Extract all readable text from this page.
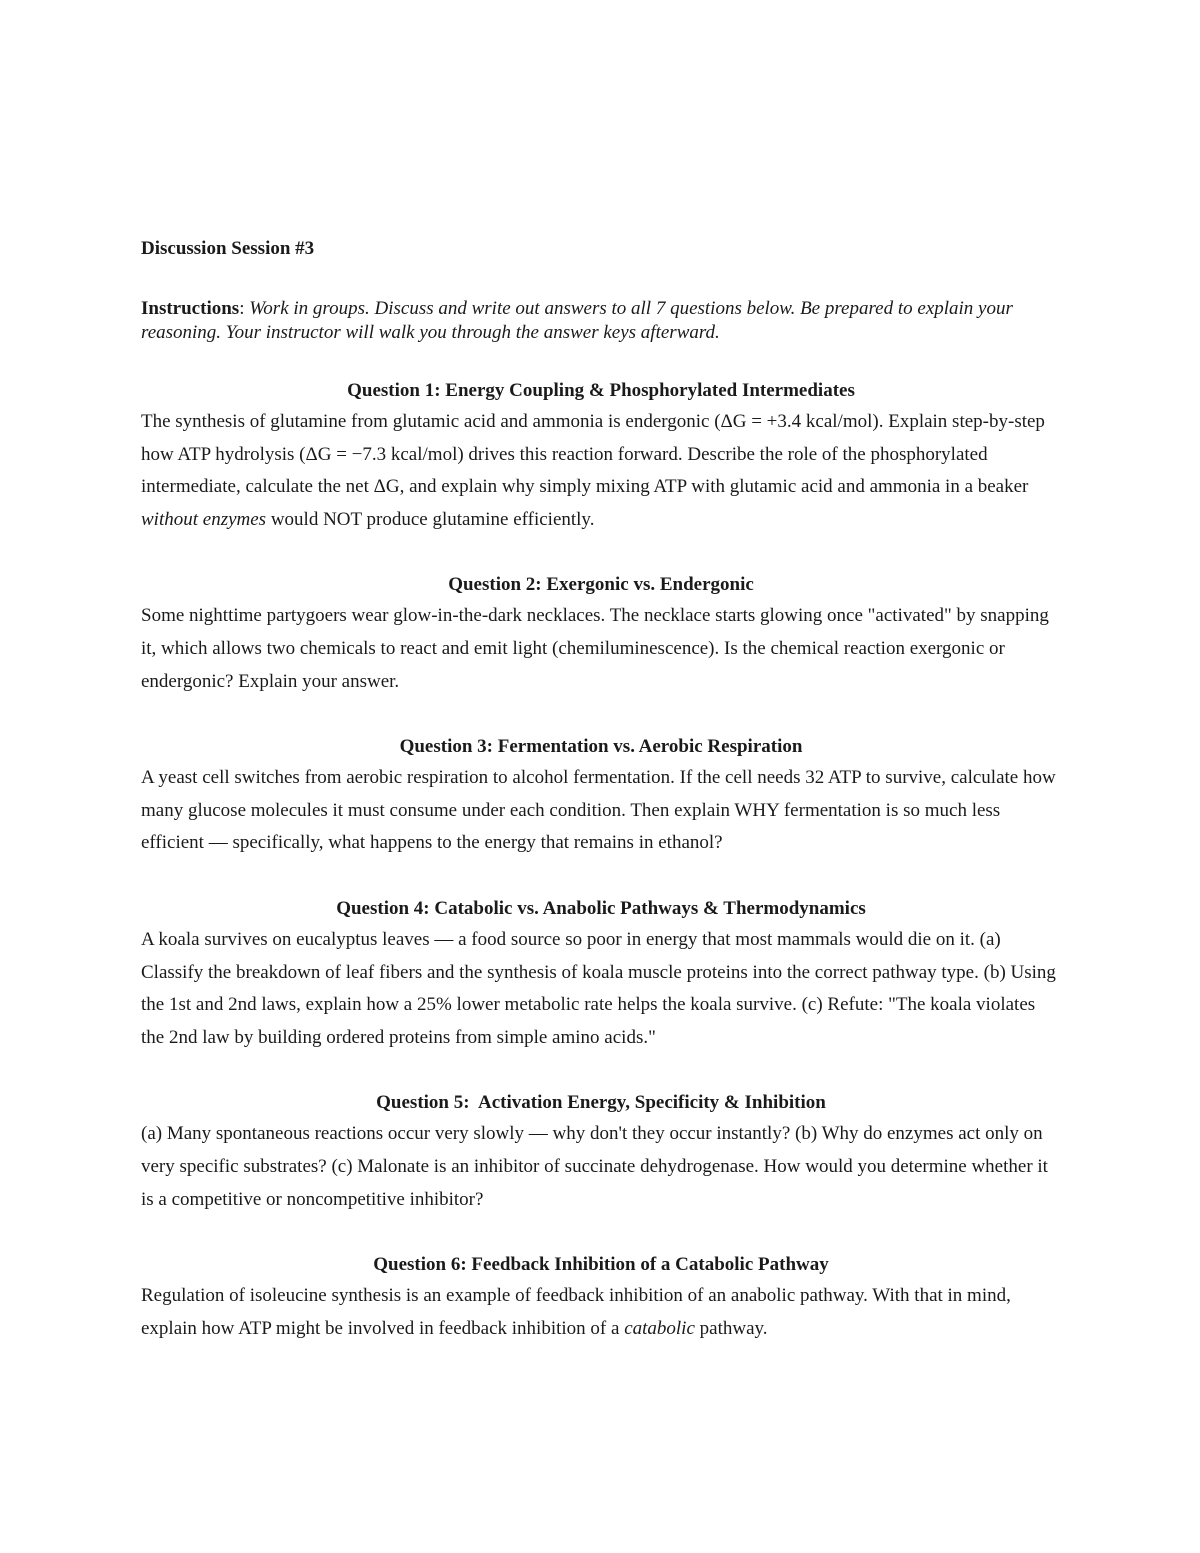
Discussion Session #3

Instructions: Work in groups. Discuss and write out answers to all 7 questions below. Be prepared to explain your reasoning. Your instructor will walk you through the answer keys afterward.

Question 1: Energy Coupling & Phosphorylated Intermediates

The synthesis of glutamine from glutamic acid and ammonia is endergonic (ΔG = +3.4 kcal/mol). Explain step-by-step how ATP hydrolysis (ΔG = −7.3 kcal/mol) drives this reaction forward. Describe the role of the phosphorylated intermediate, calculate the net ΔG, and explain why simply mixing ATP with glutamic acid and ammonia in a beaker without enzymes would NOT produce glutamine efficiently.

Question 2: Exergonic vs. Endergonic

Some nighttime partygoers wear glow-in-the-dark necklaces. The necklace starts glowing once "activated" by snapping it, which allows two chemicals to react and emit light (chemiluminescence). Is the chemical reaction exergonic or endergonic? Explain your answer.

Question 3: Fermentation vs. Aerobic Respiration

A yeast cell switches from aerobic respiration to alcohol fermentation. If the cell needs 32 ATP to survive, calculate how many glucose molecules it must consume under each condition. Then explain WHY fermentation is so much less efficient — specifically, what happens to the energy that remains in ethanol?

Question 4: Catabolic vs. Anabolic Pathways & Thermodynamics

A koala survives on eucalyptus leaves — a food source so poor in energy that most mammals would die on it. (a) Classify the breakdown of leaf fibers and the synthesis of koala muscle proteins into the correct pathway type. (b) Using the 1st and 2nd laws, explain how a 25% lower metabolic rate helps the koala survive. (c) Refute: "The koala violates the 2nd law by building ordered proteins from simple amino acids."

Question 5:  Activation Energy, Specificity & Inhibition

(a) Many spontaneous reactions occur very slowly — why don't they occur instantly? (b) Why do enzymes act only on very specific substrates? (c) Malonate is an inhibitor of succinate dehydrogenase. How would you determine whether it is a competitive or noncompetitive inhibitor?

Question 6: Feedback Inhibition of a Catabolic Pathway

Regulation of isoleucine synthesis is an example of feedback inhibition of an anabolic pathway. With that in mind, explain how ATP might be involved in feedback inhibition of a catabolic pathway.
